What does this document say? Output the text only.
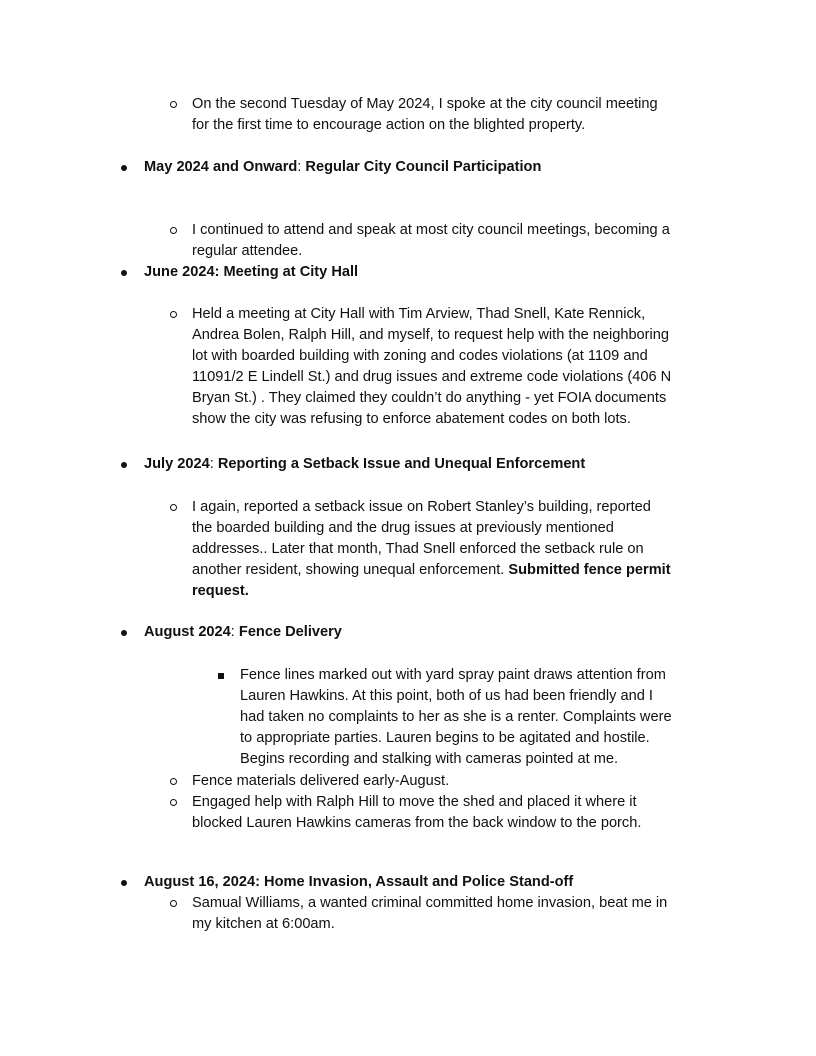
On the second Tuesday of May 2024, I spoke at the city council meeting
for the first time to encourage action on the blighted property.
May 2024 and Onward: Regular City Council Participation
I continued to attend and speak at most city council meetings, becoming a
regular attendee.
June 2024: Meeting at City Hall
Held a meeting at City Hall with Tim Arview, Thad Snell, Kate Rennick,
Andrea Bolen, Ralph Hill, and myself, to request help with the neighboring
lot with boarded building with zoning and codes violations (at 1109 and
11091/2 E Lindell St.) and drug issues and extreme code violations (406 N
Bryan St.) . They claimed they couldn’t do anything - yet FOIA documents
show the city was refusing to enforce abatement codes on both lots.
July 2024: Reporting a Setback Issue and Unequal Enforcement
I again, reported a setback issue on Robert Stanley’s building, reported
the boarded building and the drug issues at previously mentioned
addresses.. Later that month, Thad Snell enforced the setback rule on
another resident, showing unequal enforcement. Submitted fence permit
request.
August 2024: Fence Delivery
Fence lines marked out with yard spray paint draws attention from
Lauren Hawkins. At this point, both of us had been friendly and I
had taken no complaints to her as she is a renter. Complaints were
to appropriate parties. Lauren begins to be agitated and hostile.
Begins recording and stalking with cameras pointed at me.
Fence materials delivered early-August.
Engaged help with Ralph Hill to move the shed and placed it where it
blocked Lauren Hawkins cameras from the back window to the porch.
August 16, 2024: Home Invasion, Assault and Police Stand-off
Samual Williams, a wanted criminal committed home invasion, beat me in
my kitchen at 6:00am.
